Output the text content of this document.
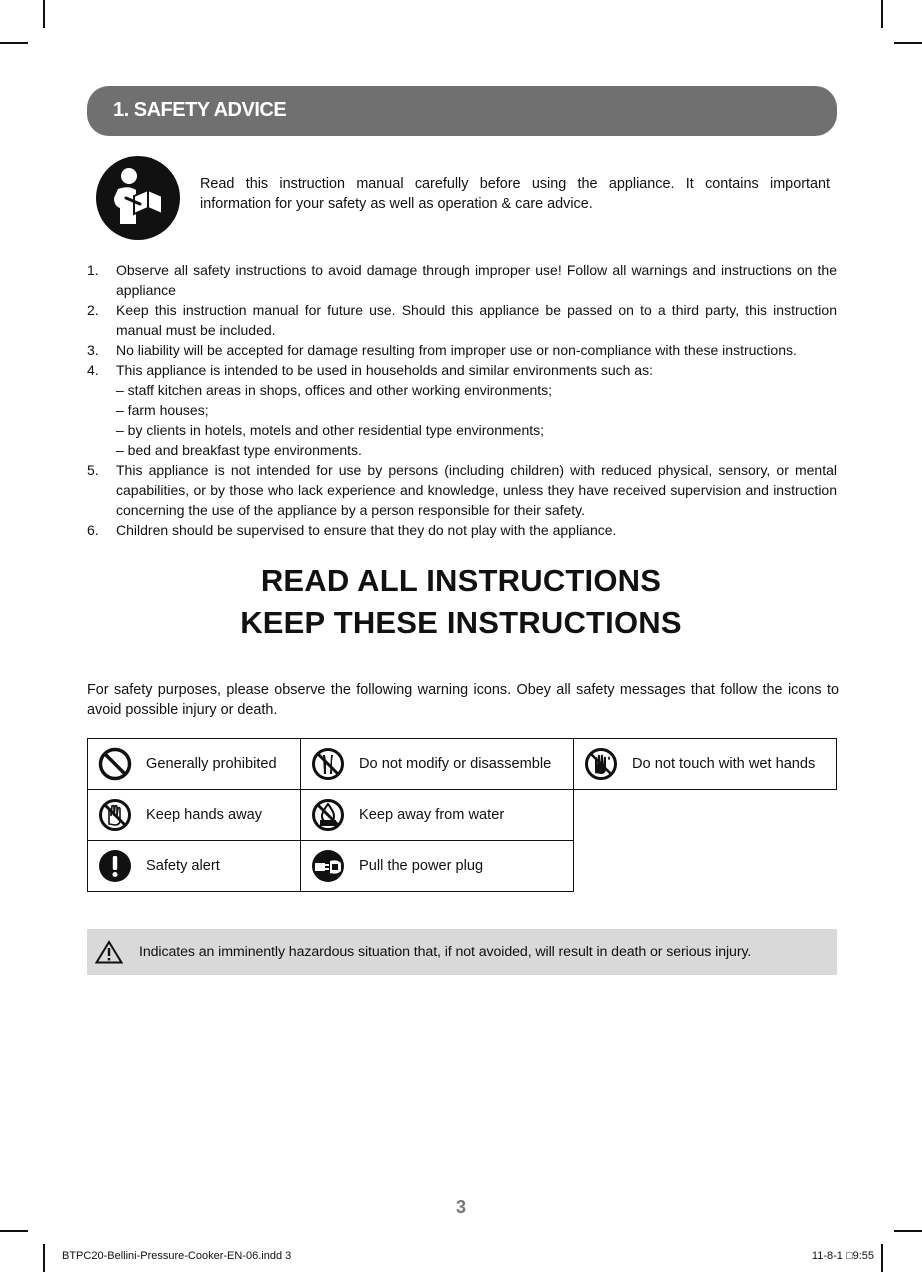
1. SAFETY ADVICE
Read this instruction manual carefully before using the appliance. It contains important
information for your safety as well as operation & care advice.
1. Observe all safety instructions to avoid damage through improper use! Follow all warnings and instructions on the appliance
2. Keep this instruction manual for future use. Should this appliance be passed on to a third party, this instruction manual must be included.
3. No liability will be accepted for damage resulting from improper use or non-compliance with these instructions.
4. This appliance is intended to be used in households and similar environments such as:
– staff kitchen areas in shops, offices and other working environments;
– farm houses;
– by clients in hotels, motels and other residential type environments;
– bed and breakfast type environments.
5. This appliance is not intended for use by persons (including children) with reduced physical, sensory, or mental capabilities, or by those who lack experience and knowledge, unless they have received supervision and instruction concerning the use of the appliance by a person responsible for their safety.
6. Children should be supervised to ensure that they do not play with the appliance.
READ ALL INSTRUCTIONS
KEEP THESE INSTRUCTIONS
For safety purposes, please observe the following warning icons. Obey all safety messages that follow the icons to avoid possible injury or death.
Generally prohibited	Do not modify or disassemble	Do not touch with wet hands

Keep hands away	Keep away from water	

Safety alert	Pull the power plug	
Indicates an imminently hazardous situation that, if not avoided, will result in death or serious injury.
3
BTPC20-Bellini-Pressure-Cooker-EN-06.indd 3	11-8-1 □9:55
